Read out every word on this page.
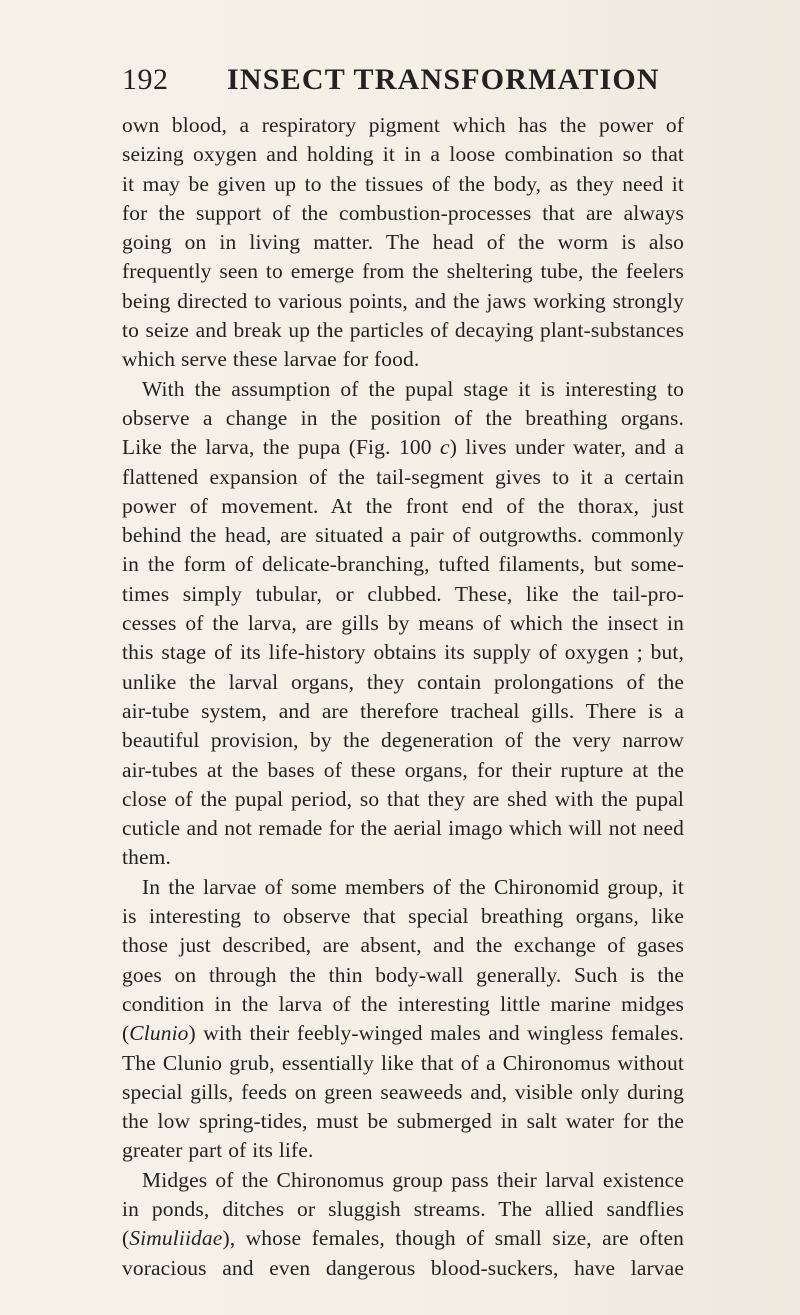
192 INSECT TRANSFORMATION
own blood, a respiratory pigment which has the power of
seizing oxygen and holding it in a loose combination so that
it may be given up to the tissues of the body, as they need it
for the support of the combustion-processes that are always
going on in living matter. The head of the worm is also
frequently seen to emerge from the sheltering tube, the feelers
being directed to various points, and the jaws working strongly
to seize and break up the particles of decaying plant-substances
which serve these larvae for food.
With the assumption of the pupal stage it is interesting to
observe a change in the position of the breathing organs.
Like the larva, the pupa (Fig. 100 c) lives under water, and a
flattened expansion of the tail-segment gives to it a certain
power of movement. At the front end of the thorax, just
behind the head, are situated a pair of outgrowths. commonly
in the form of delicate-branching, tufted filaments, but some-
times simply tubular, or clubbed. These, like the tail-pro-
cesses of the larva, are gills by means of which the insect in
this stage of its life-history obtains its supply of oxygen ; but,
unlike the larval organs, they contain prolongations of the
air-tube system, and are therefore tracheal gills. There is a
beautiful provision, by the degeneration of the very narrow
air-tubes at the bases of these organs, for their rupture at the
close of the pupal period, so that they are shed with the pupal
cuticle and not remade for the aerial imago which will not need
them.
In the larvae of some members of the Chironomid group, it
is interesting to observe that special breathing organs, like
those just described, are absent, and the exchange of gases
goes on through the thin body-wall generally. Such is the
condition in the larva of the interesting little marine midges
(Clunio) with their feebly-winged males and wingless females.
The Clunio grub, essentially like that of a Chironomus without
special gills, feeds on green seaweeds and, visible only during
the low spring-tides, must be submerged in salt water for the
greater part of its life.
Midges of the Chironomus group pass their larval existence
in ponds, ditches or sluggish streams. The allied sandflies
(Simuliidae), whose females, though of small size, are often
voracious and even dangerous blood-suckers, have larvae
